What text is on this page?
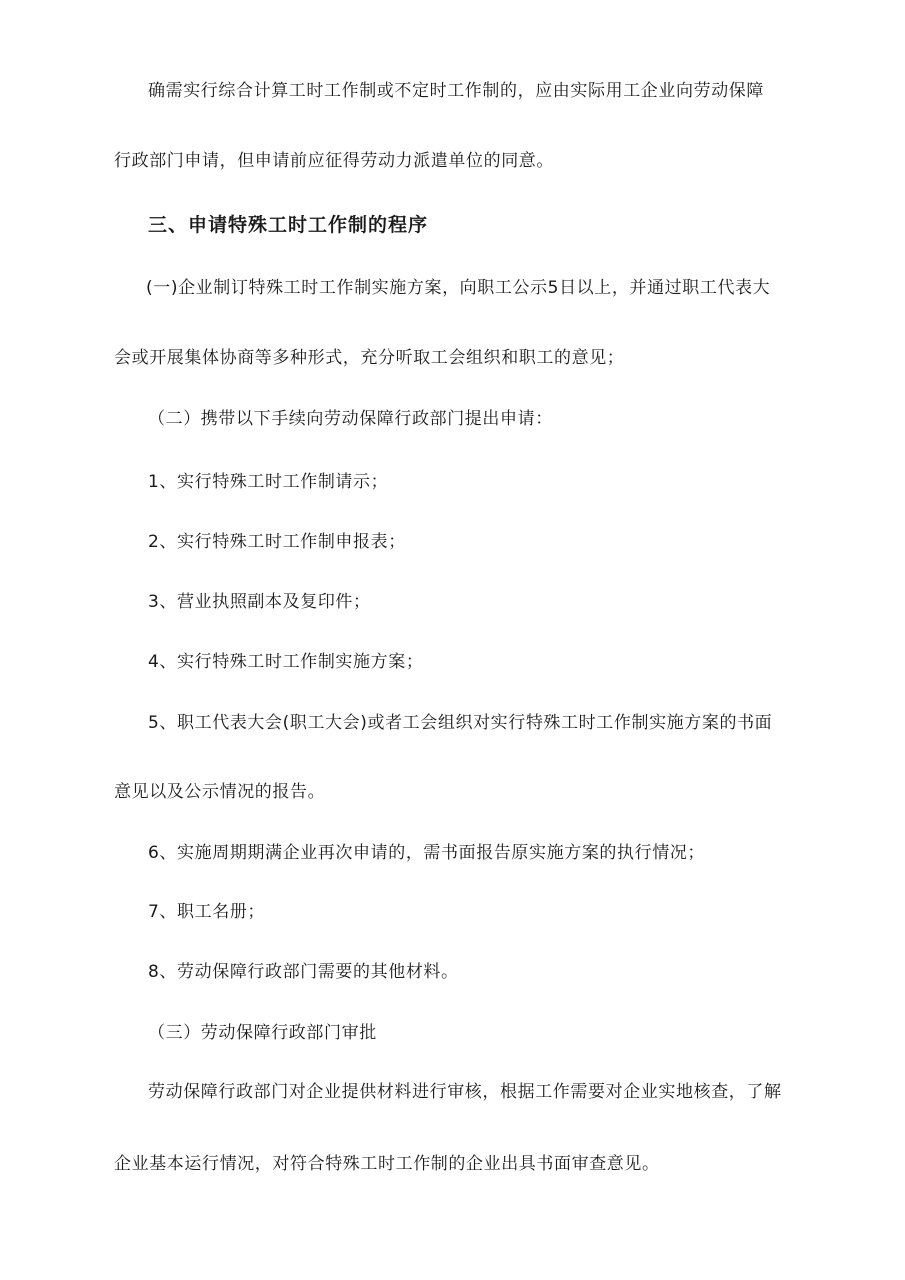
确需实行综合计算工时工作制或不定时工作制的，应由实际用工企业向劳动保障
行政部门申请，但申请前应征得劳动力派遣单位的同意。
三、申请特殊工时工作制的程序
(一)企业制订特殊工时工作制实施方案，向职工公示5日以上，并通过职工代表大
会或开展集体协商等多种形式，充分听取工会组织和职工的意见；
（二）携带以下手续向劳动保障行政部门提出申请：
1、实行特殊工时工作制请示；
2、实行特殊工时工作制申报表；
3、营业执照副本及复印件；
4、实行特殊工时工作制实施方案；
5、职工代表大会(职工大会)或者工会组织对实行特殊工时工作制实施方案的书面
意见以及公示情况的报告。
6、实施周期期满企业再次申请的，需书面报告原实施方案的执行情况；
7、职工名册；
8、劳动保障行政部门需要的其他材料。
（三）劳动保障行政部门审批
劳动保障行政部门对企业提供材料进行审核，根据工作需要对企业实地核查，了解
企业基本运行情况，对符合特殊工时工作制的企业出具书面审查意见。
